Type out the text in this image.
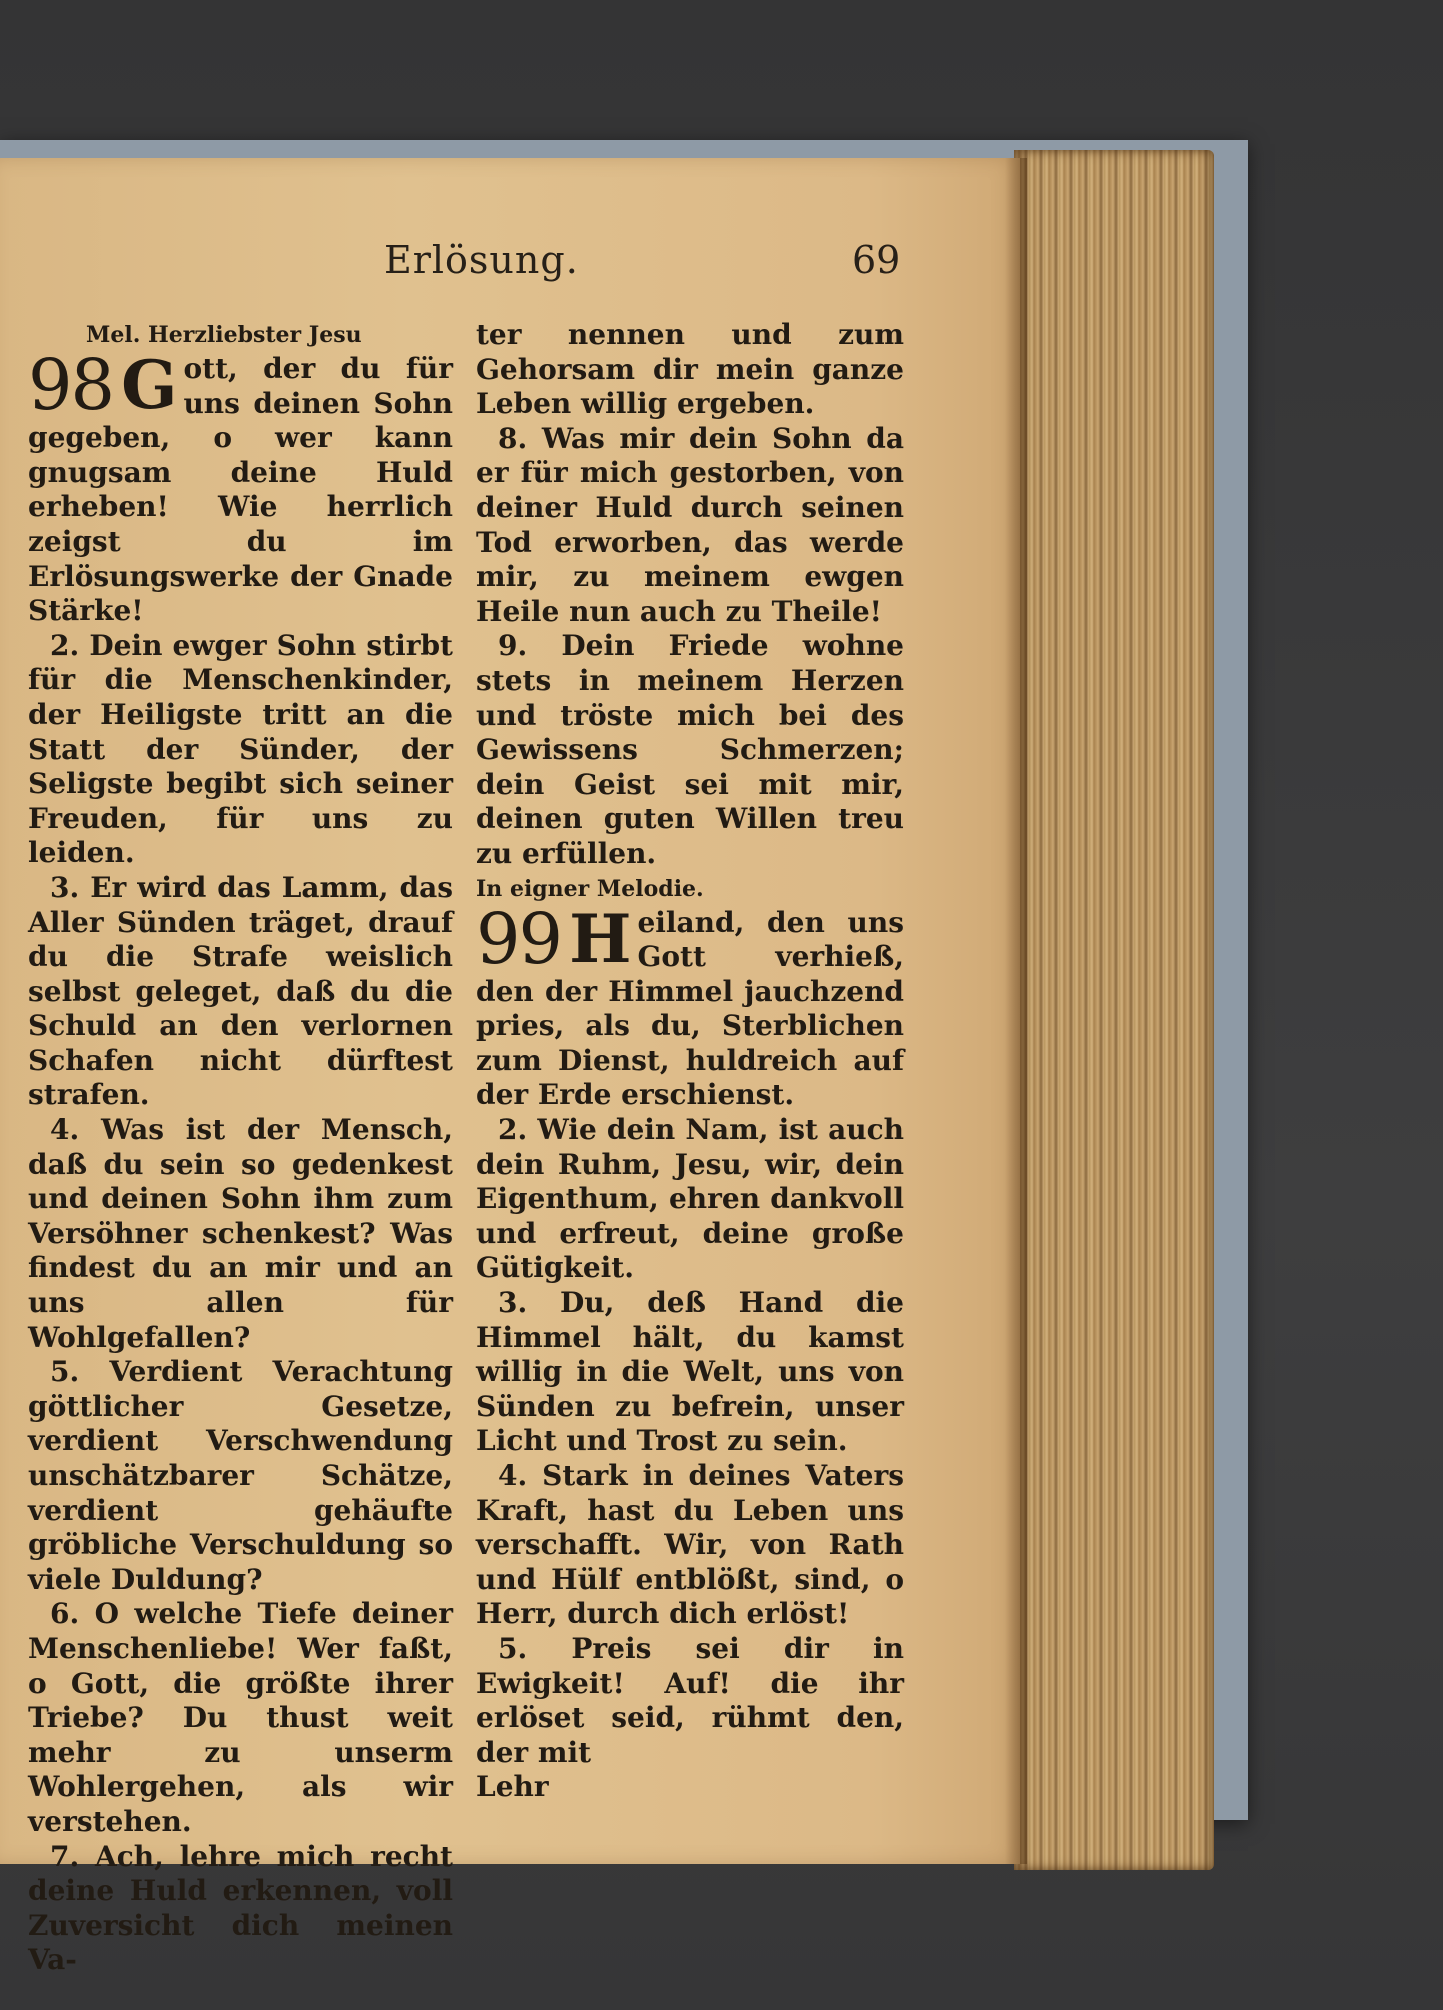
Erlösung.	69

Mel. Herzliebster Jesu

98 G ott, der du für uns deinen Sohn gegeben, o wer kann gnugsam deine Huld erheben! Wie herrlich zeigst du im Erlösungswerke der Gnade Stärke!

2. Dein ewger Sohn stirbt für die Menschenkinder, der Heiligste tritt an die Statt der Sünder, der Seligste begibt sich seiner Freuden, für uns zu leiden.

3. Er wird das Lamm, das Aller Sünden träget, drauf du die Strafe weislich selbst geleget, daß du die Schuld an den verlornen Schafen nicht dürftest strafen.

4. Was ist der Mensch, daß du sein so gedenkest und deinen Sohn ihm zum Versöhner schenkest? Was findest du an mir und an uns allen für Wohlgefallen?

5. Verdient Verachtung göttlicher Gesetze, verdient Verschwendung unschätzbarer Schätze, verdient gehäufte gröbliche Verschuldung so viele Duldung?

6. O welche Tiefe deiner Menschenliebe! Wer faßt, o Gott, die größte ihrer Triebe? Du thust weit mehr zu unserm Wohlergehen, als wir verstehen.

7. Ach, lehre mich recht deine Huld erkennen, voll Zuversicht dich meinen Va-

ter nennen und zum Gehorsam dir mein ganze Leben willig ergeben.

8. Was mir dein Sohn da er für mich gestorben, von deiner Huld durch seinen Tod erworben, das werde mir, zu meinem ewgen Heile nun auch zu Theile!

9. Dein Friede wohne stets in meinem Herzen und tröste mich bei des Gewissens Schmerzen; dein Geist sei mit mir, deinen guten Willen treu zu erfüllen.

In eigner Melodie.

99 H eiland, den uns Gott verhieß, den der Himmel jauchzend pries, als du, Sterblichen zum Dienst, huldreich auf der Erde erschienst.

2. Wie dein Nam, ist auch dein Ruhm, Jesu, wir, dein Eigenthum, ehren dankvoll und erfreut, deine große Gütigkeit.

3. Du, deß Hand die Himmel hält, du kamst willig in die Welt, uns von Sünden zu befrein, unser Licht und Trost zu sein.

4. Stark in deines Vaters Kraft, hast du Leben uns verschafft. Wir, von Rath und Hülf entblößt, sind, o Herr, durch dich erlöst!

5. Preis sei dir in Ewigkeit! Auf! die ihr erlöset seid, rühmt den, der mit

Lehr
